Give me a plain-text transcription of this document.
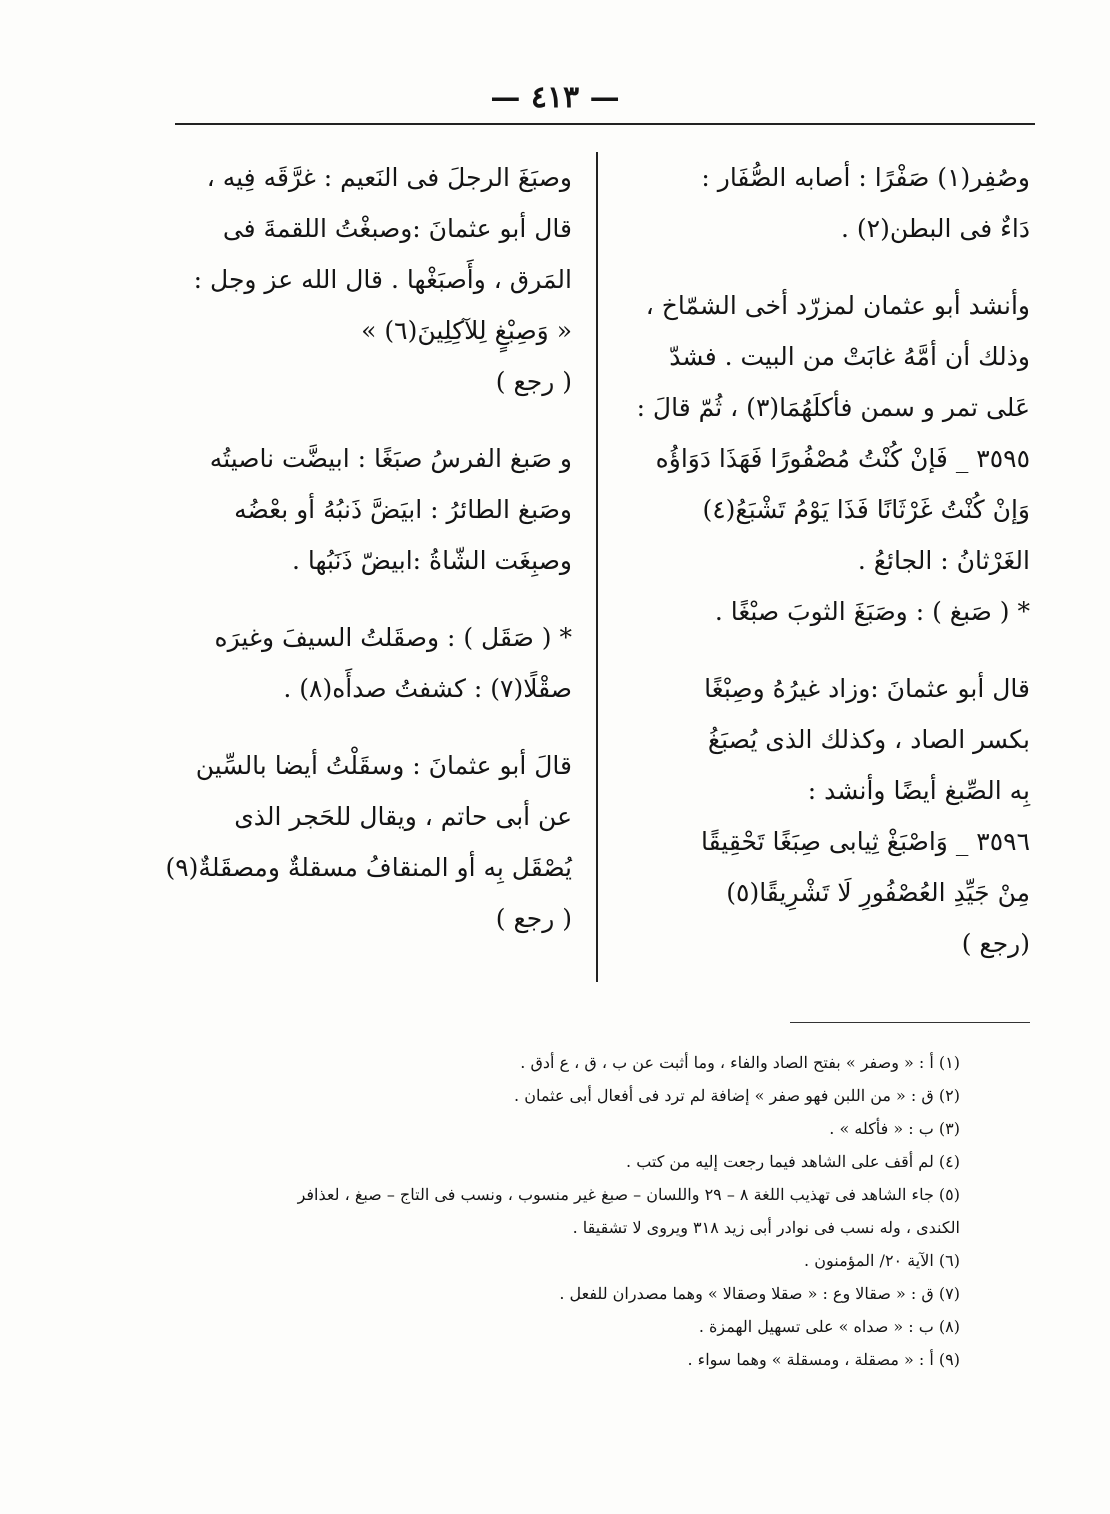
— ٤١٣ —
وصُفِر(١) صَفْرًا : أصابه الصُّفَار :
دَاءٌ فى البطن(٢) .
وأنشد أبو عثمان لمزرّد أخى الشمّاخ ،
وذلك أن أمَّهُ غابَتْ من البيت . فشدّ
عَلى تمر و سمن فأكلَهُمَا(٣) ، ثُمّ قالَ :
٣٥٩٥ _ فَإنْ كُنْتُ مُصْفُورًا فَهَذَا دَوَاؤُه
وَإنْ كُنْتُ غَرْثَانًا فَذَا يَوْمُ تَشْبَعُ(٤)
الغَرْثانُ : الجائعُ .
* ( صَبغ ) : وصَبَغَ الثوبَ صبْغًا .
قال أبو عثمانَ :وزاد غيرُهُ وصِبْغًا
بكسر الصاد ، وكذلك الذى يُصبَغُ
بِه الصِّبغ أيضًا وأنشد :
٣٥٩٦ _ وَاصْبَغْ ثِيابى صِبَغًا تَحْقِيقًا
مِنْ جَيِّدِ العُصْفُورِ لَا تَشْرِيقًا(٥)
(رجع )
وصبَغَ الرجلَ فى النَعيم : غرَّقَه فِيه ،
قال أبو عثمانَ :وصبغْتُ اللقمةَ فى
المَرق ، وأَصبَغْها . قال الله عز وجل :
« وَصِبْغٍ لِلآكِلِينَ(٦) »
( رجع )
و صَبغ الفرسُ صبَغًا : ابيضَّت ناصيتُه
وصَبغ الطائرُ : ابيَضَّ ذَنبُهُ أو بعْضُه
وصبِغَت الشّاةُ :ابيضّ ذَنَبُها .
* ( صَقَل ) : وصقَلتُ السيفَ وغيرَه
صقْلًا(٧) : كشفتُ صدأَه(٨) .
قالَ أبو عثمانَ : وسقَلْتُ أيضا بالسِّين
عن أبى حاتم ، ويقال للحَجر الذى
يُصْقَل بِه أو المنقافُ مسقلةٌ ومصقَلةٌ(٩)
( رجع )
(١) أ : « وصفر » بفتح الصاد والفاء ، وما أثبت عن ب ، ق ، ع أدق .
(٢) ق : « من اللبن فهو صفر » إضافة لم ترد فى أفعال أبى عثمان .
(٣) ب : « فأكله » .
(٤) لم أقف على الشاهد فيما رجعت إليه من كتب .
(٥) جاء الشاهد فى تهذيب اللغة ٨ – ٢٩ واللسان – صبغ غير منسوب ، ونسب فى التاج – صبغ ، لعذافر
الكندى ، وله نسب فى نوادر أبى زيد ٣١٨ ويروى لا تشقيقا .
(٦) الآية ٢٠/ المؤمنون .
(٧) ق : « صقالا وع : « صقلا وصقالا » وهما مصدران للفعل .
(٨) ب : « صداه » على تسهيل الهمزة .
(٩) أ : « مصقلة ، ومسقلة » وهما سواء .
